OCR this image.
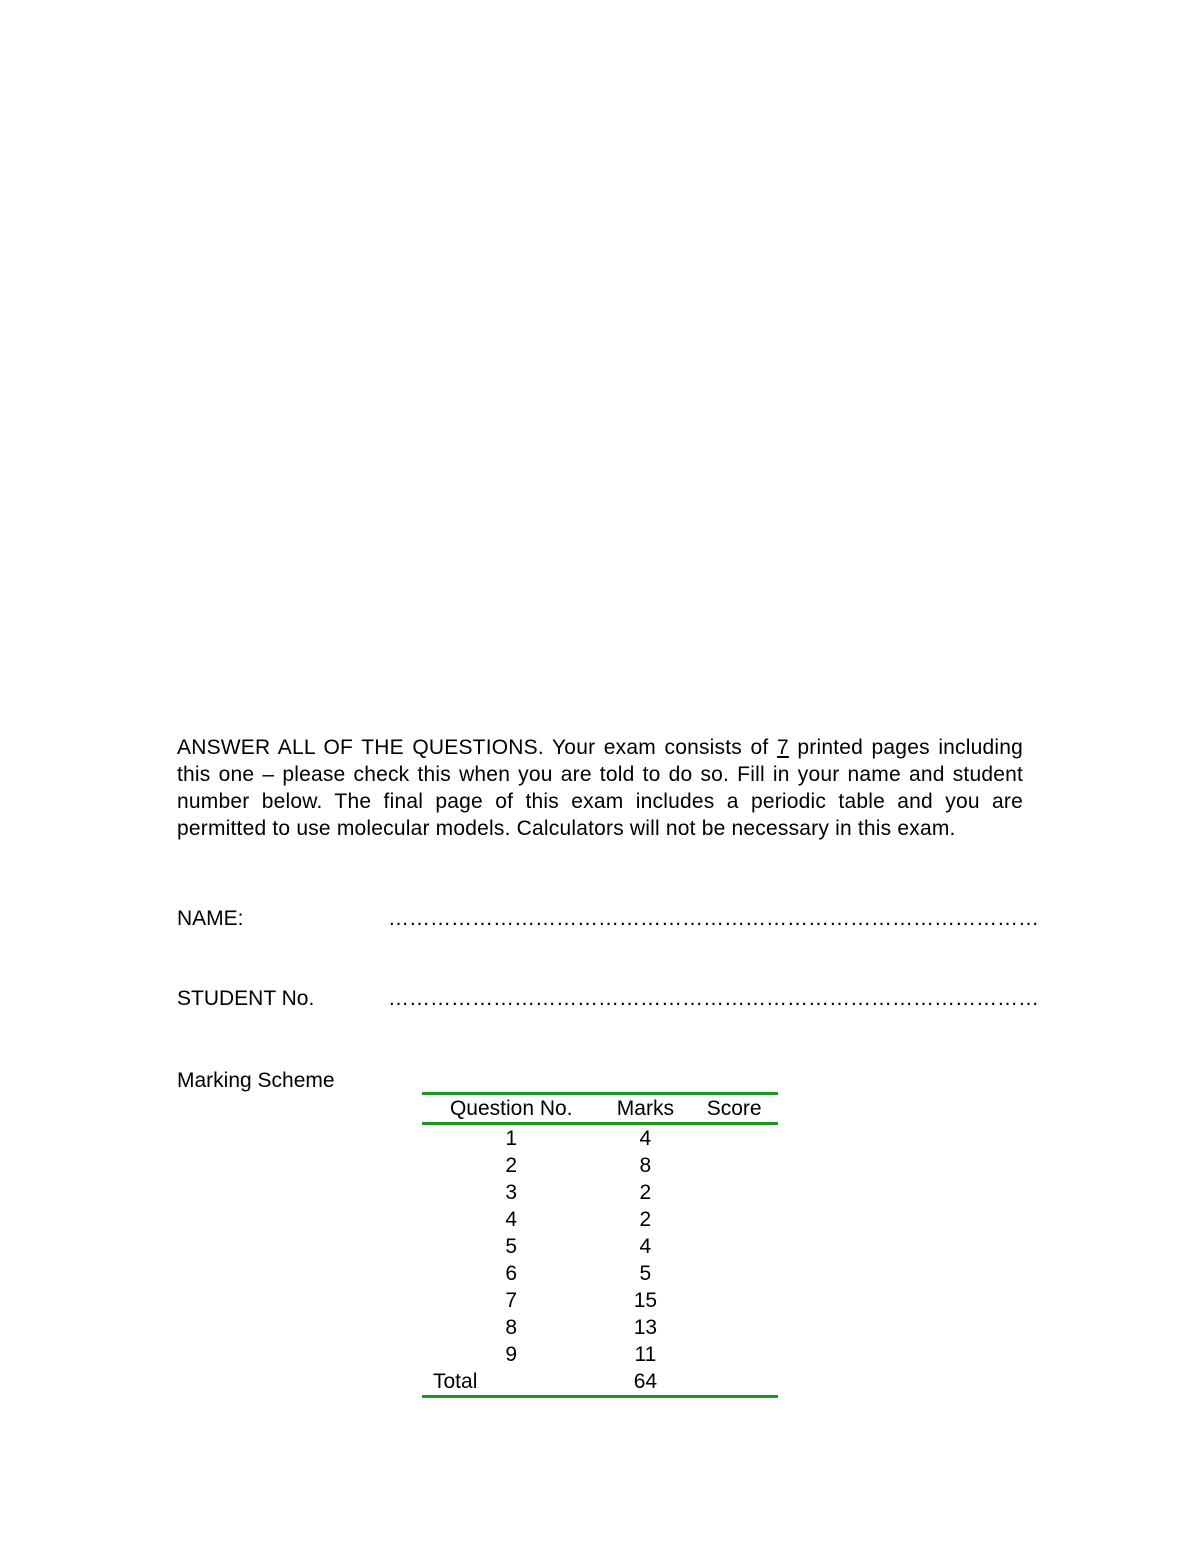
ANSWER ALL OF THE QUESTIONS. Your exam consists of 7 printed pages including this one – please check this when you are told to do so. Fill in your name and student number below. The final page of this exam includes a periodic table and you are permitted to use molecular models. Calculators will not be necessary in this exam.

NAME:	…………………………………………………………………………………
STUDENT No.	…………………………………………………………………………………
Marking Scheme
Question No.	Marks	Score
1	4	
2	8	
3	2	
4	2	
5	4	
6	5	
7	15	
8	13	
9	11	
Total	64	
